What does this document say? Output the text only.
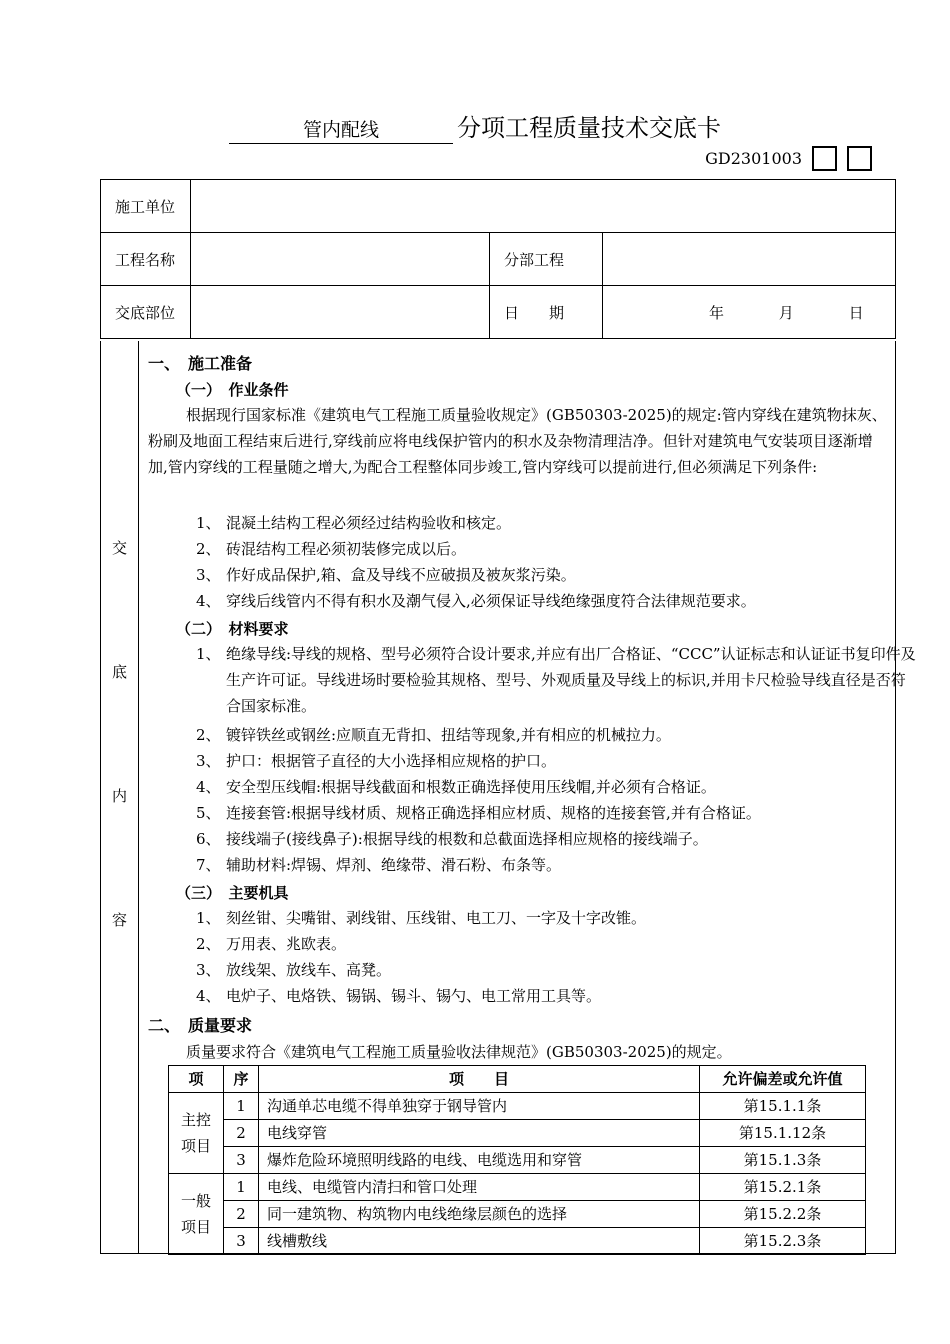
管内配线	分项工程质量技术交底卡
GD2301003
施工单位			
工程名称		分部工程	
交底部位		日　　期	年 月 日
交
底
内
容
一、　施工准备
（一）　作业条件
根据现行国家标准《建筑电气工程施工质量验收规定》(GB50303-2025)的规定:管内穿线在建筑物抹灰、粉刷及地面工程结束后进行,穿线前应将电线保护管内的积水及杂物清理洁净。但针对建筑电气安装项目逐渐增加,管内穿线的工程量随之增大,为配合工程整体同步竣工,管内穿线可以提前进行,但必须满足下列条件:
1、 混凝土结构工程必须经过结构验收和核定。
2、 砖混结构工程必须初装修完成以后。
3、 作好成品保护,箱、盒及导线不应破损及被灰浆污染。
4、 穿线后线管内不得有积水及潮气侵入,必须保证导线绝缘强度符合法律规范要求。
（二）　材料要求
1、 绝缘导线:导线的规格、型号必须符合设计要求,并应有出厂合格证、“CCC”认证标志和认证证书复印件及生产许可证。导线进场时要检验其规格、型号、外观质量及导线上的标识,并用卡尺检验导线直径是否符合国家标准。
2、 镀锌铁丝或钢丝:应顺直无背扣、扭结等现象,并有相应的机械拉力。
3、 护口：根据管子直径的大小选择相应规格的护口。
4、 安全型压线帽:根据导线截面和根数正确选择使用压线帽,并必须有合格证。
5、 连接套管:根据导线材质、规格正确选择相应材质、规格的连接套管,并有合格证。
6、 接线端子(接线鼻子):根据导线的根数和总截面选择相应规格的接线端子。
7、 辅助材料:焊锡、焊剂、绝缘带、滑石粉、布条等。
（三）　主要机具
1、 刻丝钳、尖嘴钳、剥线钳、压线钳、电工刀、一字及十字改锥。
2、 万用表、兆欧表。
3、 放线架、放线车、高凳。
4、 电炉子、电烙铁、锡锅、锡斗、锡勺、电工常用工具等。
二、　质量要求
质量要求符合《建筑电气工程施工质量验收法律规范》(GB50303-2025)的规定。
项	序	项　　目	允许偏差或允许值
主控项目	1	沟通单芯电缆不得单独穿于钢导管内	第15.1.1条
	2	电线穿管	第15.1.12条
	3	爆炸危险环境照明线路的电线、电缆选用和穿管	第15.1.3条
一般项目	1	电线、电缆管内清扫和管口处理	第15.2.1条
	2	同一建筑物、构筑物内电线绝缘层颜色的选择	第15.2.2条
	3	线槽敷线	第15.2.3条
